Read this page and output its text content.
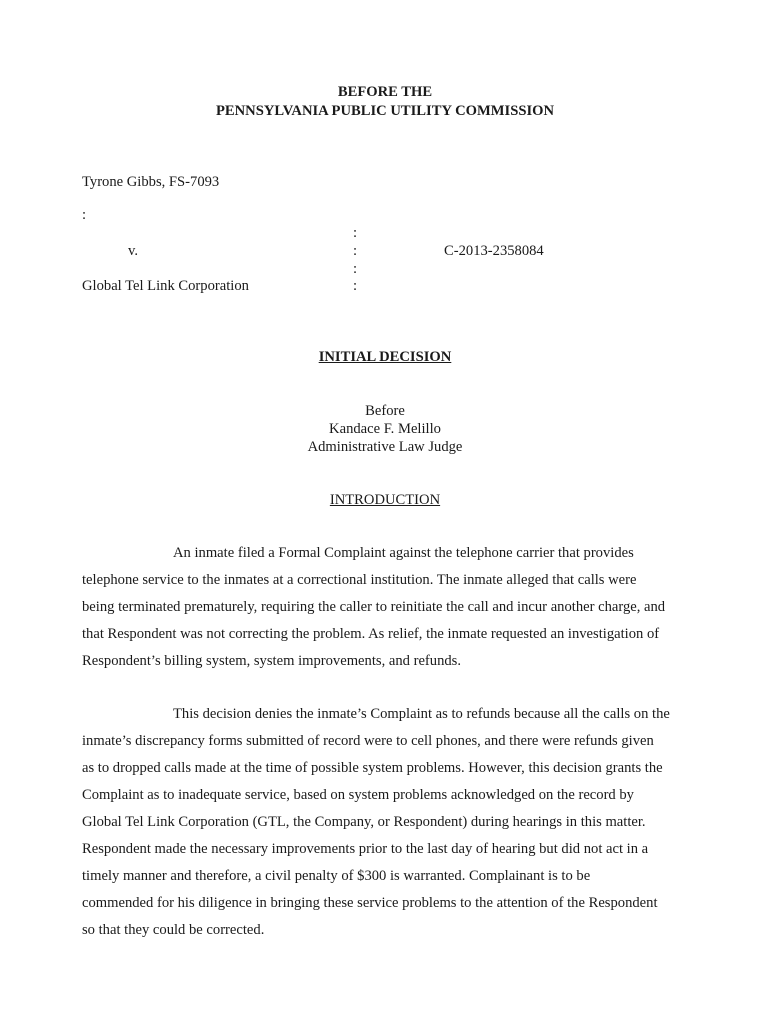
BEFORE THE
PENNSYLVANIA PUBLIC UTILITY COMMISSION
Tyrone Gibbs, FS-7093
:
:
v.	:	C-2013-2358084
:
Global Tel Link Corporation	:
INITIAL DECISION
Before
Kandace F. Melillo
Administrative Law Judge
INTRODUCTION
An inmate filed a Formal Complaint against the telephone carrier that provides
telephone service to the inmates at a correctional institution. The inmate alleged that calls were
being terminated prematurely, requiring the caller to reinitiate the call and incur another charge, and
that Respondent was not correcting the problem. As relief, the inmate requested an investigation of
Respondent’s billing system, system improvements, and refunds.
This decision denies the inmate’s Complaint as to refunds because all the calls on the
inmate’s discrepancy forms submitted of record were to cell phones, and there were refunds given
as to dropped calls made at the time of possible system problems. However, this decision grants the
Complaint as to inadequate service, based on system problems acknowledged on the record by
Global Tel Link Corporation (GTL, the Company, or Respondent) during hearings in this matter.
Respondent made the necessary improvements prior to the last day of hearing but did not act in a
timely manner and therefore, a civil penalty of $300 is warranted. Complainant is to be
commended for his diligence in bringing these service problems to the attention of the Respondent
so that they could be corrected.
